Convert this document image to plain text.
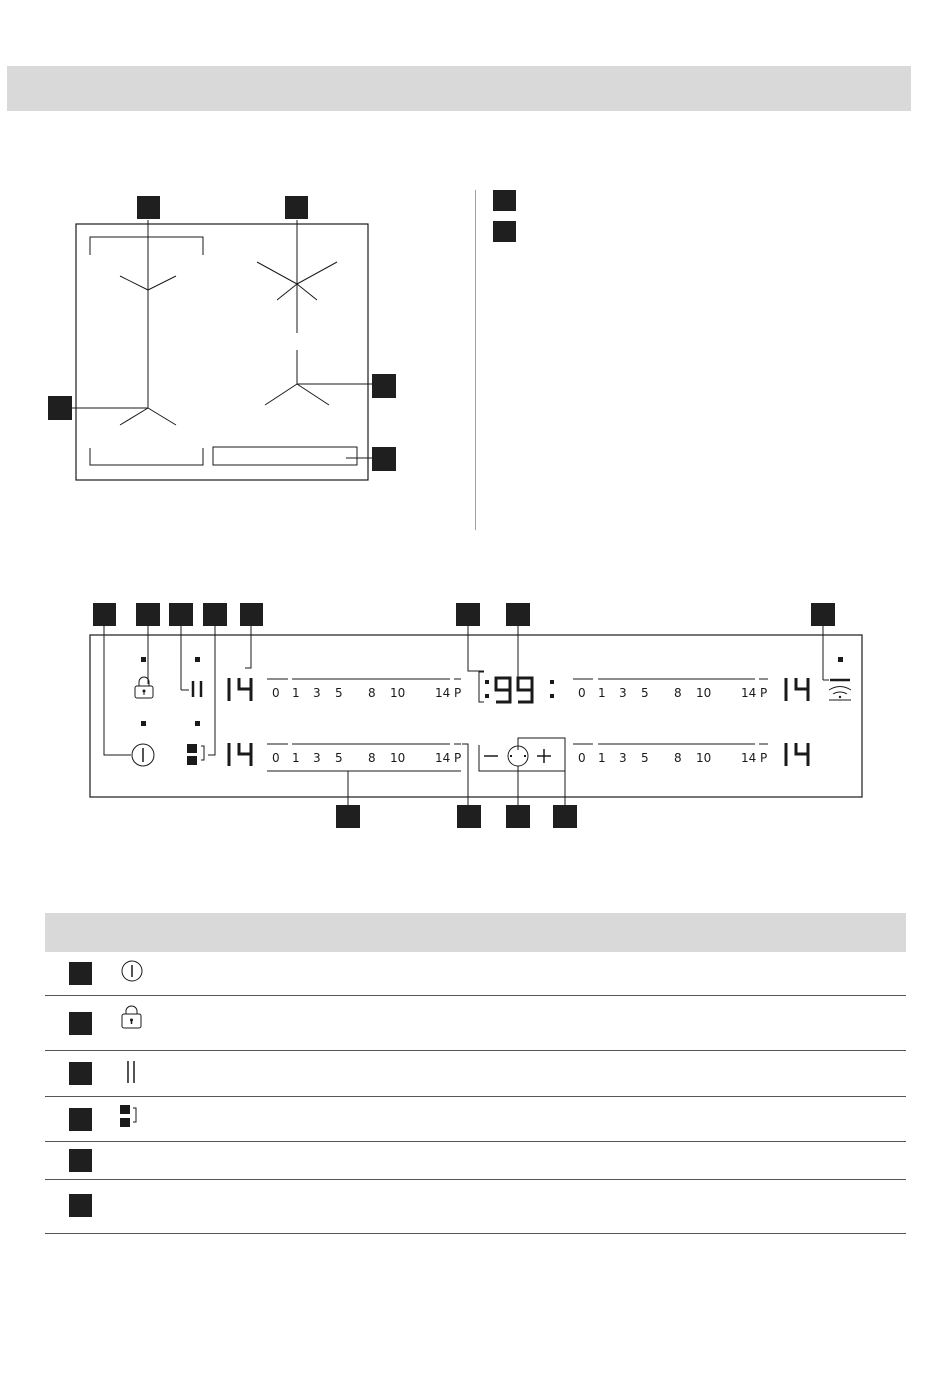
0 1 3 5 8 10 14 P	0 1 3 5 8 10 14 P
0 1 3 5 8 10 14 P	0 1 3 5 8 10 14 P
